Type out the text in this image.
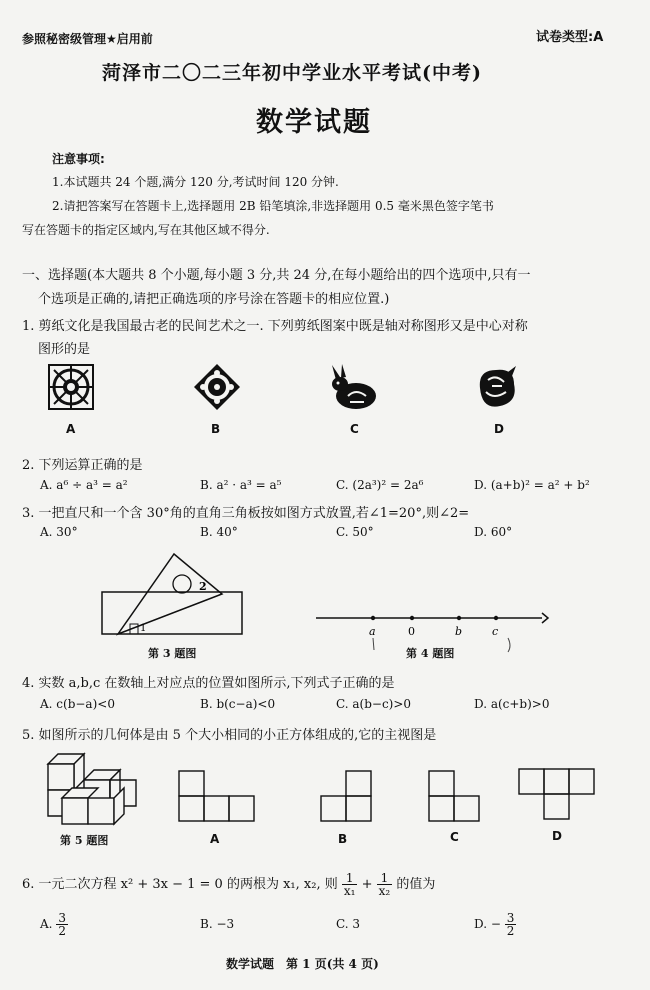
参照秘密级管理★启用前	试卷类型:A
菏泽市二〇二三年初中学业水平考试(中考)
数学试题
注意事项:
1.本试题共 24 个题,满分 120 分,考试时间 120 分钟.
2.请把答案写在答题卡上,选择题用 2B 铅笔填涂,非选择题用 0.5 毫米黑色签字笔书
写在答题卡的指定区域内,写在其他区域不得分.
一、选择题(本大题共 8 个小题,每小题 3 分,共 24 分,在每小题给出的四个选项中,只有一
个选项是正确的,请把正确选项的序号涂在答题卡的相应位置.)
1. 剪纸文化是我国最古老的民间艺术之一. 下列剪纸图案中既是轴对称图形又是中心对称
图形的是
A	B	C	D
2. 下列运算正确的是
A. a⁶ ÷ a³ = a²	B. a² · a³ = a⁵	C. (2a³)² = 2a⁶	D. (a+b)² = a² + b²
3. 一把直尺和一个含 30°角的直角三角板按如图方式放置,若∠1=20°,则∠2=
A. 30°	B. 40°	C. 50°	D. 60°
1
2
第 3 题图
a	0	b	c
第 4 题图
4. 实数 a,b,c 在数轴上对应点的位置如图所示,下列式子正确的是
A. c(b−a)<0	B. b(c−a)<0	C. a(b−c)>0	D. a(c+b)>0
5. 如图所示的几何体是由 5 个大小相同的小正方体组成的,它的主视图是
第 5 题图	A	B	C	D
6. 一元二次方程 x² + 3x − 1 = 0 的两根为 x₁, x₂, 则 $\frac{1}{\text{x₁}} + \frac{1}{\text{x₂}}$ 的值为
A. $\frac{3}{2}$	B. −3	C. 3	D. − $\frac{3}{2}$
数学试题　第 1 页(共 4 页)
